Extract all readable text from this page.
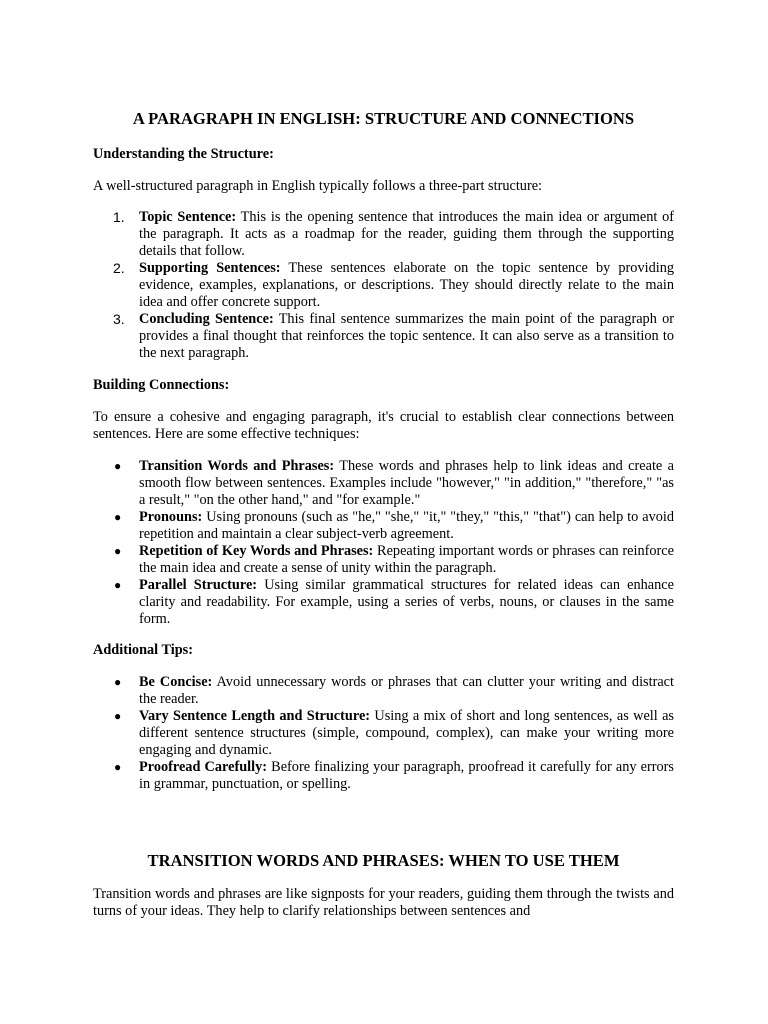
A PARAGRAPH IN ENGLISH: STRUCTURE AND CONNECTIONS

Understanding the Structure:

A well-structured paragraph in English typically follows a three-part structure:

1.	Topic Sentence: This is the opening sentence that introduces the main idea or argument of the paragraph. It acts as a roadmap for the reader, guiding them through the supporting details that follow.
2.	Supporting Sentences: These sentences elaborate on the topic sentence by providing evidence, examples, explanations, or descriptions. They should directly relate to the main idea and offer concrete support.
3.	Concluding Sentence: This final sentence summarizes the main point of the paragraph or provides a final thought that reinforces the topic sentence. It can also serve as a transition to the next paragraph.

Building Connections:

To ensure a cohesive and engaging paragraph, it's crucial to establish clear connections between sentences. Here are some effective techniques:

●	Transition Words and Phrases: These words and phrases help to link ideas and create a smooth flow between sentences. Examples include "however," "in addition," "therefore," "as a result," "on the other hand," and "for example."
●	Pronouns: Using pronouns (such as "he," "she," "it," "they," "this," "that") can help to avoid repetition and maintain a clear subject-verb agreement.
●	Repetition of Key Words and Phrases: Repeating important words or phrases can reinforce the main idea and create a sense of unity within the paragraph.
●	Parallel Structure: Using similar grammatical structures for related ideas can enhance clarity and readability. For example, using a series of verbs, nouns, or clauses in the same form.

Additional Tips:

●	Be Concise: Avoid unnecessary words or phrases that can clutter your writing and distract the reader.
●	Vary Sentence Length and Structure: Using a mix of short and long sentences, as well as different sentence structures (simple, compound, complex), can make your writing more engaging and dynamic.
●	Proofread Carefully: Before finalizing your paragraph, proofread it carefully for any errors in grammar, punctuation, or spelling.
TRANSITION WORDS AND PHRASES: WHEN TO USE THEM

Transition words and phrases are like signposts for your readers, guiding them through the twists and turns of your ideas. They help to clarify relationships between sentences and
